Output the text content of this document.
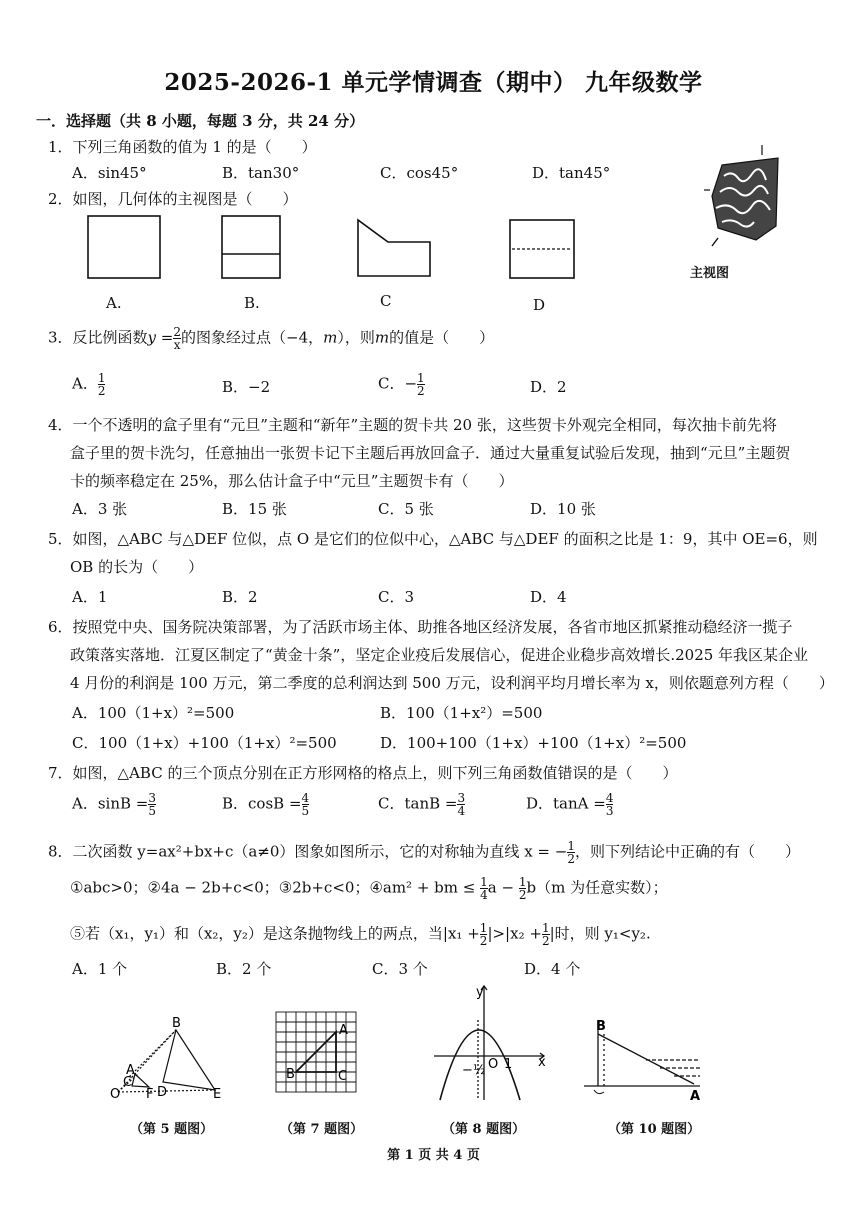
2025-2026-1 单元学情调查（期中） 九年级数学
一．选择题（共 8 小题，每题 3 分，共 24 分）
1．下列三角函数的值为 1 的是（　　）
A．sin45°	B．tan30°	C．cos45°	D．tan45°
2．如图，几何体的主视图是（　　）
主视图
A.	B.	C	D
3．反比例函数$y = \frac{2}{x}$ 的图象经过点（−4，m），则m的值是（　　）
A． $\frac{1}{2}$	B．−2	C．− $\frac{1}{2}$	D．2
4．一个不透明的盒子里有“元旦”主题和“新年”主题的贺卡共 20 张，这些贺卡外观完全相同，每次抽卡前先将
盒子里的贺卡洗匀，任意抽出一张贺卡记下主题后再放回盒子．通过大量重复试验后发现，抽到“元旦”主题贺
卡的频率稳定在 25%，那么估计盒子中“元旦”主题贺卡有（　　）
A．3 张	B．15 张	C．5 张	D．10 张
5．如图，△ABC 与△DEF 位似，点 O 是它们的位似中心，△ABC 与△DEF 的面积之比是 1：9，其中 OE=6，则
OB 的长为（　　）
A．1	B．2	C．3	D．4
6．按照党中央、国务院决策部署，为了活跃市场主体、助推各地区经济发展，各省市地区抓紧推动稳经济一揽子
政策落实落地．江夏区制定了“黄金十条”，坚定企业疫后发展信心，促进企业稳步高效增长.2025 年我区某企业
4 月份的利润是 100 万元，第二季度的总利润达到 500 万元，设利润平均月增长率为 x，则依题意列方程（　　）
A．100（1+x）²=500	B．100（1+x²）=500
C．100（1+x）+100（1+x）²=500	D．100+100（1+x）+100（1+x）²=500
7．如图，△ABC 的三个顶点分别在正方形网格的格点上，则下列三角函数值错误的是（　　）
A．$\sin B = \frac{3}{5}$	B．$\cos B = \frac{4}{5}$	C．$\tan B = \frac{3}{4}$	D．$\tan A = \frac{4}{3}$
8．二次函数 y=ax²+bx+c（a≠0）图象如图所示，它的对称轴为直线 x = − $\frac{1}{2}$ ，则下列结论中正确的有（　　）
①abc>0；②4a − 2b+c<0；③2b+c<0；④am² + bm ≤ $\frac{1}{4}$ $a - \frac{1}{2} b(m$ 为任意实数）；
⑤若（x₁，y₁）和（x₂，y₂）是这条抛物线上的两点，当$|x_1 + \frac{1}{2} |>|x_2 + \frac{1}{2}$ |时，则 y₁<y₂.
A．1 个	B．2 个	C．3 个	D．4 个
B
A
C
D	E
O F
A
B	C
y
x
O 1
−½
B
A
（第 5 题图）	（第 7 题图）	（第 8 题图）	（第 10 题图）
第 1 页 共 4 页
